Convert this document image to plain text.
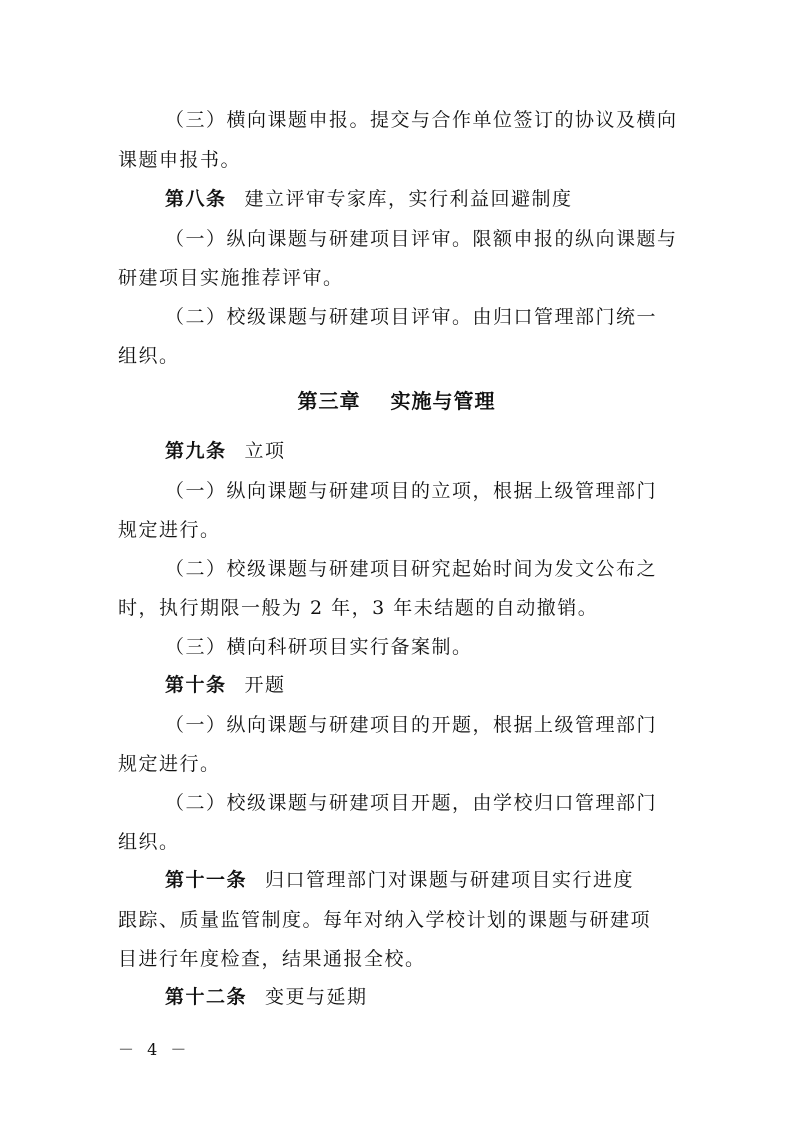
（三）横向课题申报。提交与合作单位签订的协议及横向
课题申报书。
第八条 建立评审专家库，实行利益回避制度
（一）纵向课题与研建项目评审。限额申报的纵向课题与
研建项目实施推荐评审。
（二）校级课题与研建项目评审。由归口管理部门统一
组织。
第三章 实施与管理
第九条 立项
（一）纵向课题与研建项目的立项，根据上级管理部门
规定进行。
（二）校级课题与研建项目研究起始时间为发文公布之
时，执行期限一般为 2 年，3 年未结题的自动撤销。
（三）横向科研项目实行备案制。
第十条 开题
（一）纵向课题与研建项目的开题，根据上级管理部门
规定进行。
（二）校级课题与研建项目开题，由学校归口管理部门
组织。
第十一条 归口管理部门对课题与研建项目实行进度
跟踪、质量监管制度。每年对纳入学校计划的课题与研建项
目进行年度检查，结果通报全校。
第十二条 变更与延期
－ 4 －
